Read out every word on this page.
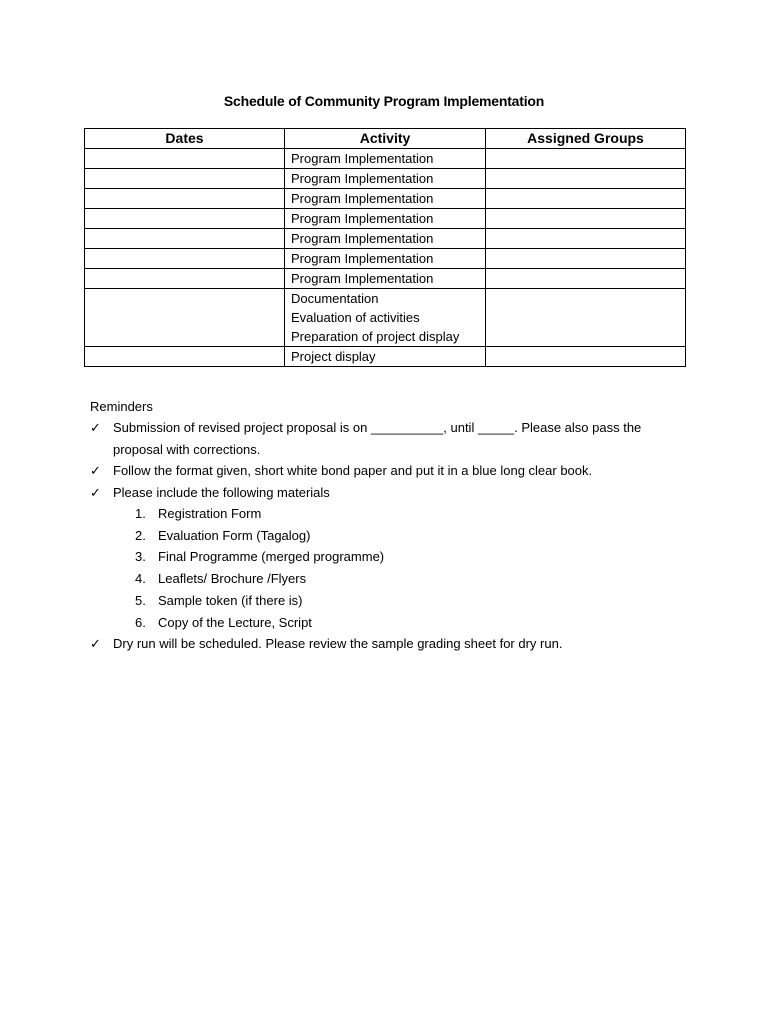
Schedule of Community Program Implementation
Dates	Activity	Assigned Groups

	Program Implementation	

	Program Implementation	

	Program Implementation	

	Program Implementation	

	Program Implementation	

	Program Implementation	

	Program Implementation	

	Documentation
Evaluation of activities
Preparation of project display	

	Project display	

Reminders
✓ Submission of revised project proposal is on __________, until _____. Please also pass the proposal with corrections.
✓ Follow the format given, short white bond paper and put it in a blue long clear book.
✓ Please include the following materials
1. Registration Form
2. Evaluation Form (Tagalog)
3. Final Programme (merged programme)
4. Leaflets/ Brochure /Flyers
5. Sample token (if there is)
6. Copy of the Lecture, Script
✓ Dry run will be scheduled. Please review the sample grading sheet for dry run.
